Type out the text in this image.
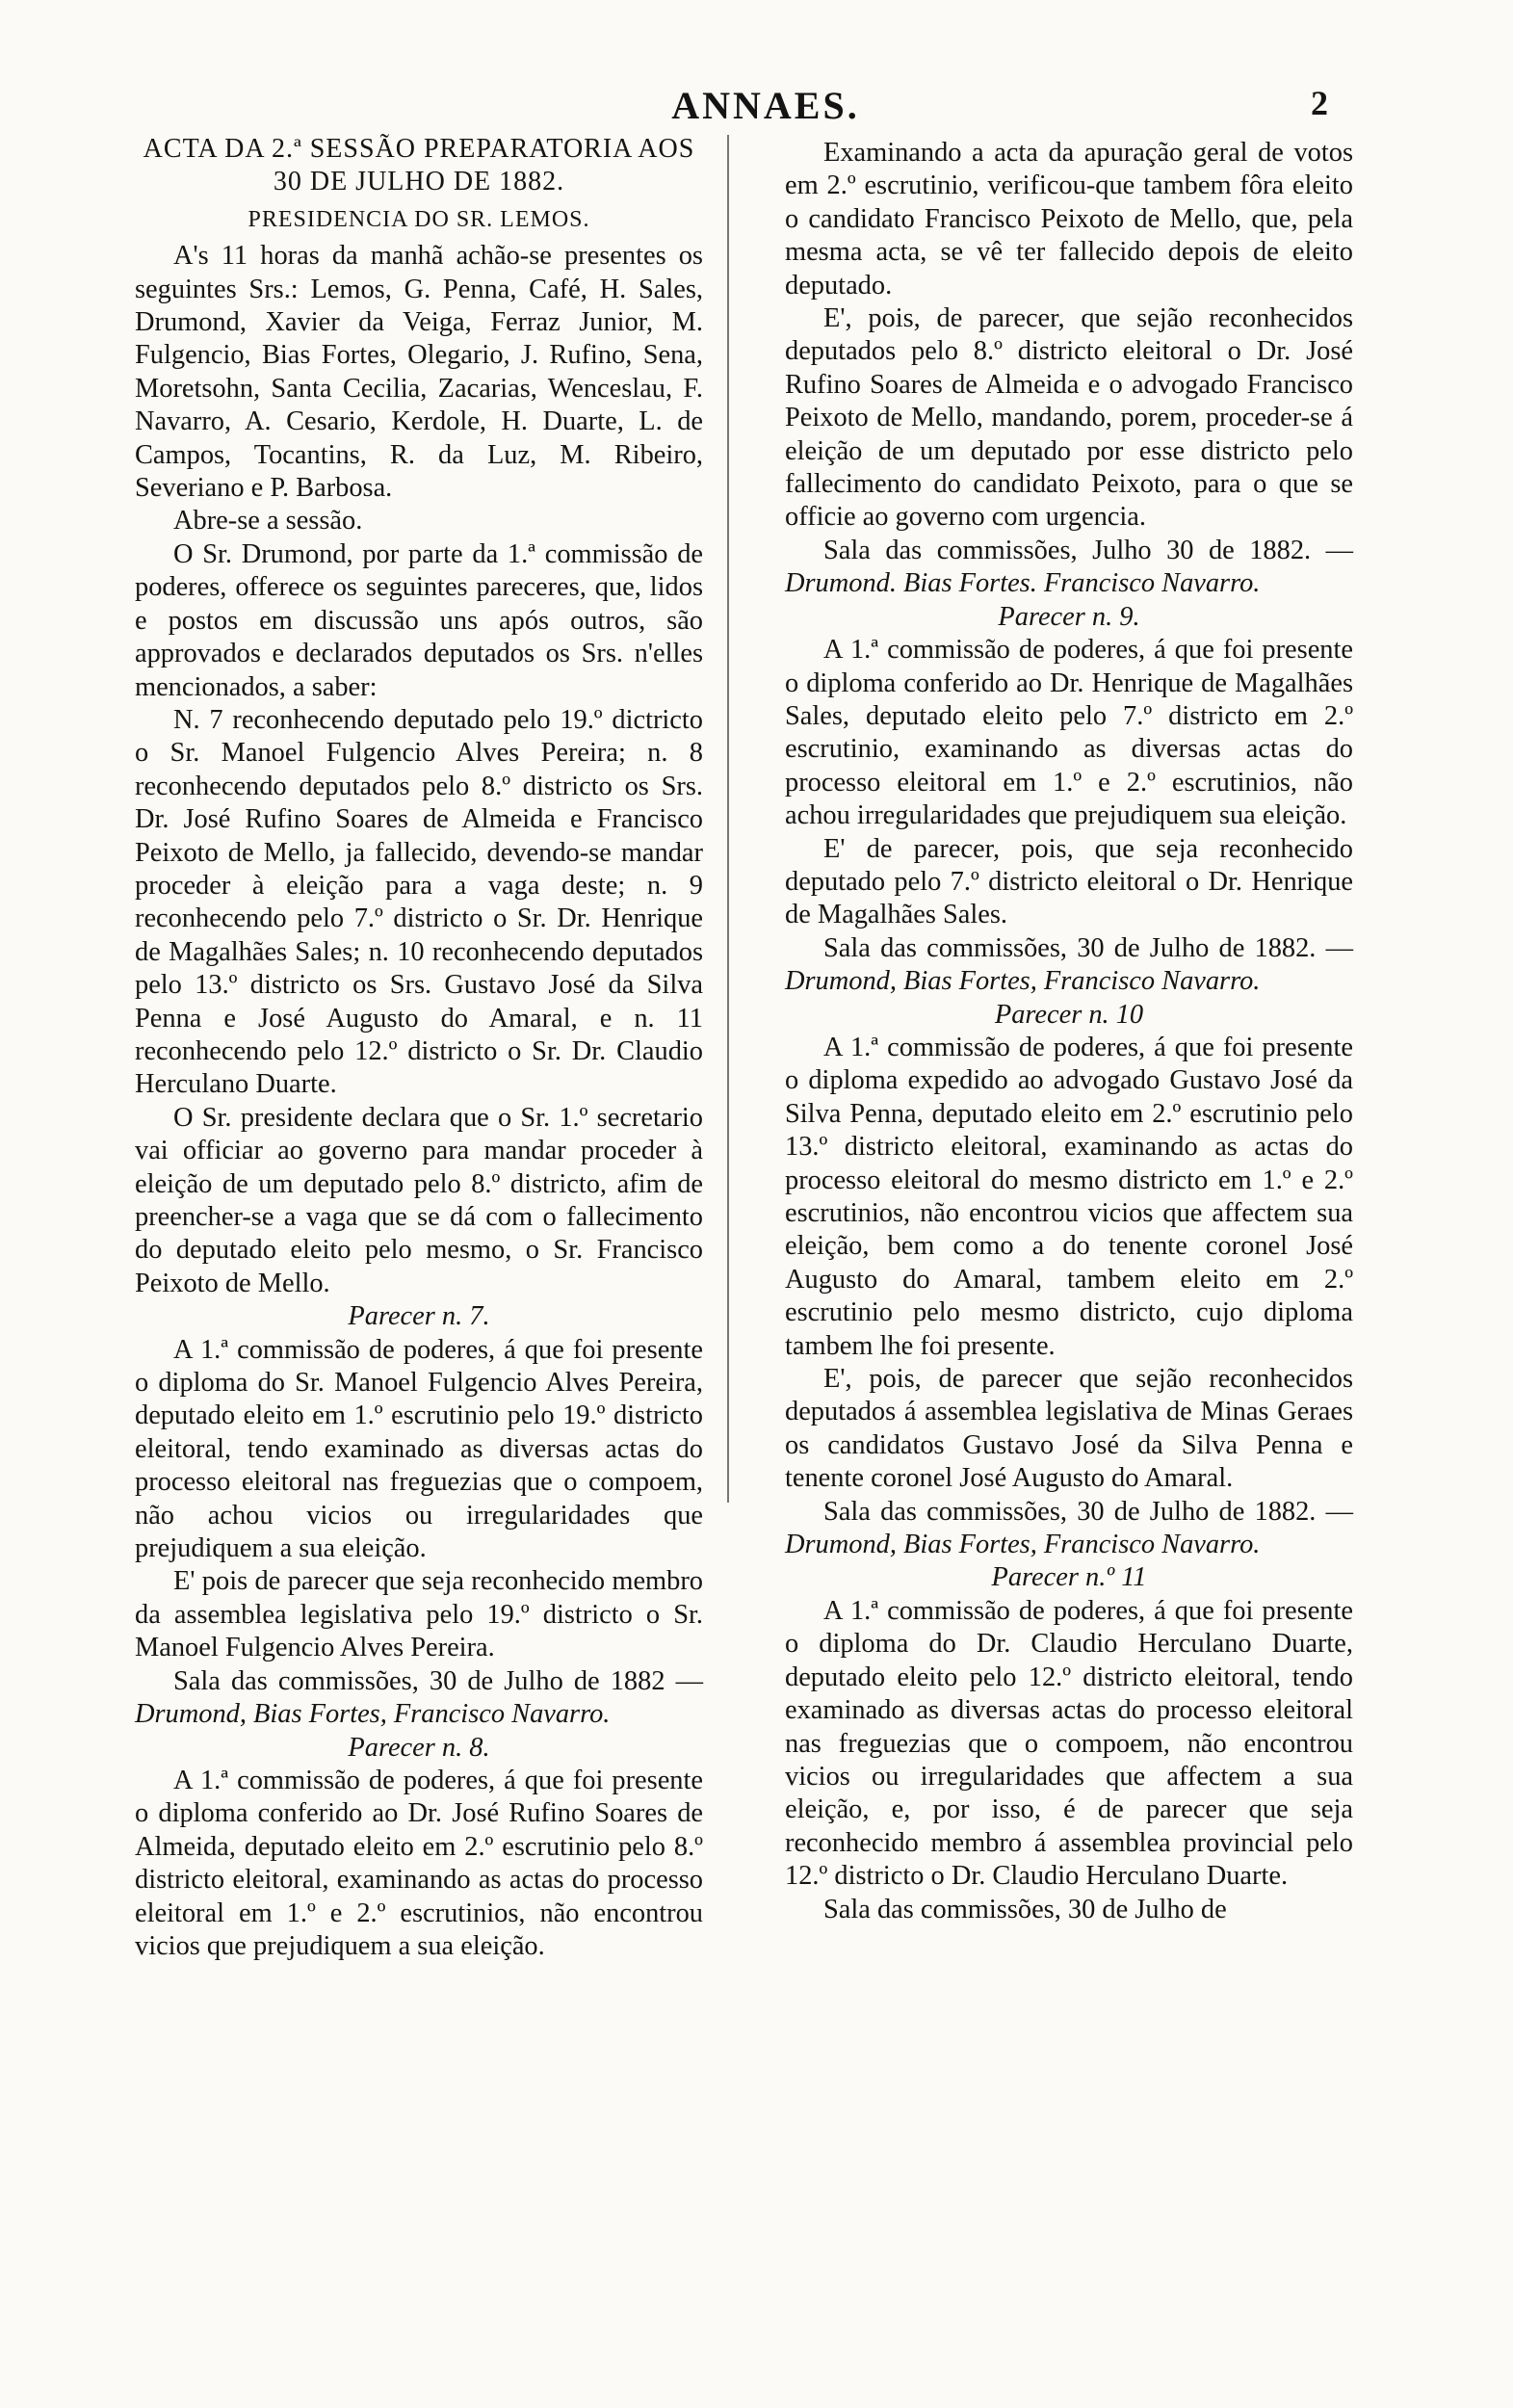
ANNAES.	2

ACTA DA 2.ª SESSÃO PREPARATORIA AOS 30 DE JULHO DE 1882.

PRESIDENCIA DO SR. LEMOS.

A's 11 horas da manhã achão-se presentes os seguintes Srs.: Lemos, G. Penna, Café, H. Sales, Drumond, Xavier da Veiga, Ferraz Junior, M. Fulgencio, Bias Fortes, Olegario, J. Rufino, Sena, Moretsohn, Santa Cecilia, Zacarias, Wenceslau, F. Navarro, A. Cesario, Kerdole, H. Duarte, L. de Campos, Tocantins, R. da Luz, M. Ribeiro, Severiano e P. Barbosa.

Abre-se a sessão.

O Sr. Drumond, por parte da 1.ª commissão de poderes, offerece os seguintes pareceres, que, lidos e postos em discussão uns após outros, são approvados e declarados deputados os Srs. n'elles mencionados, a saber:

N. 7 reconhecendo deputado pelo 19.º dictricto o Sr. Manoel Fulgencio Alves Pereira; n. 8 reconhecendo deputados pelo 8.º districto os Srs. Dr. José Rufino Soares de Almeida e Francisco Peixoto de Mello, ja fallecido, devendo-se mandar proceder à eleição para a vaga deste; n. 9 reconhecendo pelo 7.º districto o Sr. Dr. Henrique de Magalhães Sales; n. 10 reconhecendo deputados pelo 13.º districto os Srs. Gustavo José da Silva Penna e José Augusto do Amaral, e n. 11 reconhecendo pelo 12.º districto o Sr. Dr. Claudio Herculano Duarte.

O Sr. presidente declara que o Sr. 1.º secretario vai officiar ao governo para mandar proceder à eleição de um deputado pelo 8.º districto, afim de preencher-se a vaga que se dá com o fallecimento do deputado eleito pelo mesmo, o Sr. Francisco Peixoto de Mello.

Parecer n. 7.

A 1.ª commissão de poderes, á que foi presente o diploma do Sr. Manoel Fulgencio Alves Pereira, deputado eleito em 1.º escrutinio pelo 19.º districto eleitoral, tendo examinado as diversas actas do processo eleitoral nas freguezias que o compoem, não achou vicios ou irregularidades que prejudiquem a sua eleição.

E' pois de parecer que seja reconhecido membro da assemblea legislativa pelo 19.º districto o Sr. Manoel Fulgencio Alves Pereira.

Sala das commissões, 30 de Julho de 1882 — Drumond, Bias Fortes, Francisco Navarro.

Parecer n. 8.

A 1.ª commissão de poderes, á que foi presente o diploma conferido ao Dr. José Rufino Soares de Almeida, deputado eleito em 2.º escrutinio pelo 8.º districto eleitoral, examinando as actas do processo eleitoral em 1.º e 2.º escrutinios, não encontrou vicios que prejudiquem a sua eleição.

Examinando a acta da apuração geral de votos em 2.º escrutinio, verificou-que tambem fôra eleito o candidato Francisco Peixoto de Mello, que, pela mesma acta, se vê ter fallecido depois de eleito deputado.

E', pois, de parecer, que sejão reconhecidos deputados pelo 8.º districto eleitoral o Dr. José Rufino Soares de Almeida e o advogado Francisco Peixoto de Mello, mandando, porem, proceder-se á eleição de um deputado por esse districto pelo fallecimento do candidato Peixoto, para o que se officie ao governo com urgencia.

Sala das commissões, Julho 30 de 1882. — Drumond. Bias Fortes. Francisco Navarro.

Parecer n. 9.

A 1.ª commissão de poderes, á que foi presente o diploma conferido ao Dr. Henrique de Magalhães Sales, deputado eleito pelo 7.º districto em 2.º escrutinio, examinando as diversas actas do processo eleitoral em 1.º e 2.º escrutinios, não achou irregularidades que prejudiquem sua eleição.

E' de parecer, pois, que seja reconhecido deputado pelo 7.º districto eleitoral o Dr. Henrique de Magalhães Sales.

Sala das commissões, 30 de Julho de 1882. — Drumond, Bias Fortes, Francisco Navarro.

Parecer n. 10

A 1.ª commissão de poderes, á que foi presente o diploma expedido ao advogado Gustavo José da Silva Penna, deputado eleito em 2.º escrutinio pelo 13.º districto eleitoral, examinando as actas do processo eleitoral do mesmo districto em 1.º e 2.º escrutinios, não encontrou vicios que affectem sua eleição, bem como a do tenente coronel José Augusto do Amaral, tambem eleito em 2.º escrutinio pelo mesmo districto, cujo diploma tambem lhe foi presente.

E', pois, de parecer que sejão reconhecidos deputados á assemblea legislativa de Minas Geraes os candidatos Gustavo José da Silva Penna e tenente coronel José Augusto do Amaral.

Sala das commissões, 30 de Julho de 1882. — Drumond, Bias Fortes, Francisco Navarro.

Parecer n.º 11

A 1.ª commissão de poderes, á que foi presente o diploma do Dr. Claudio Herculano Duarte, deputado eleito pelo 12.º districto eleitoral, tendo examinado as diversas actas do processo eleitoral nas freguezias que o compoem, não encontrou vicios ou irregularidades que affectem a sua eleição, e, por isso, é de parecer que seja reconhecido membro á assemblea provincial pelo 12.º districto o Dr. Claudio Herculano Duarte.

Sala das commissões, 30 de Julho de
